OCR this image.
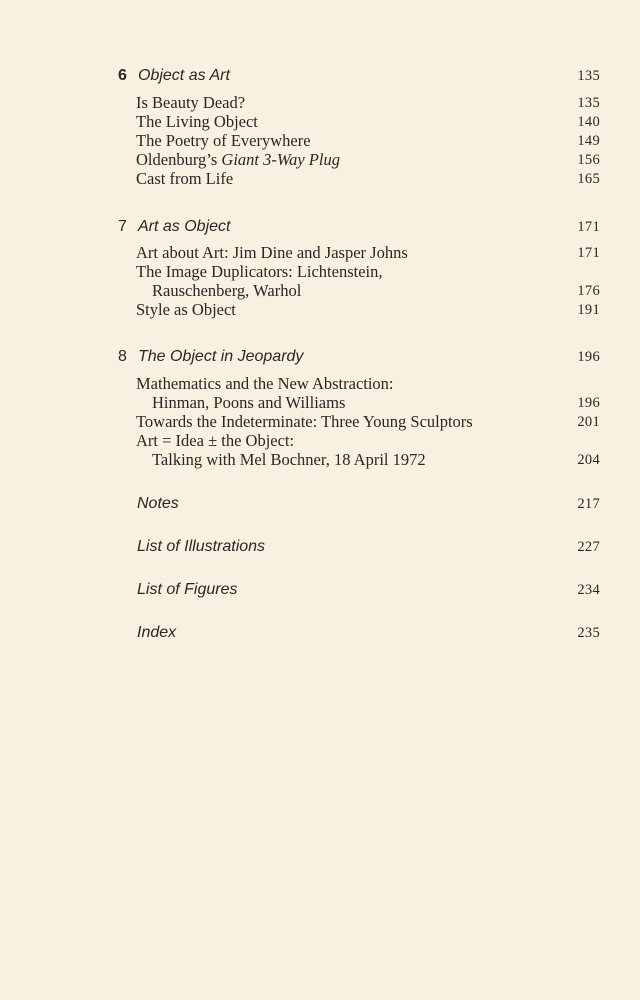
6 Object as Art	135
Is Beauty Dead?	135
The Living Object	140
The Poetry of Everywhere	149
Oldenburg’s Giant 3-Way Plug	156
Cast from Life	165
7 Art as Object	171
Art about Art: Jim Dine and Jasper Johns	171
The Image Duplicators: Lichtenstein,
Rauschenberg, Warhol	176
Style as Object	191
8 The Object in Jeopardy	196
Mathematics and the New Abstraction:
Hinman, Poons and Williams	196
Towards the Indeterminate: Three Young Sculptors	201
Art = Idea ± the Object:
Talking with Mel Bochner, 18 April 1972	204
Notes	217
List of Illustrations	227
List of Figures	234
Index	235
